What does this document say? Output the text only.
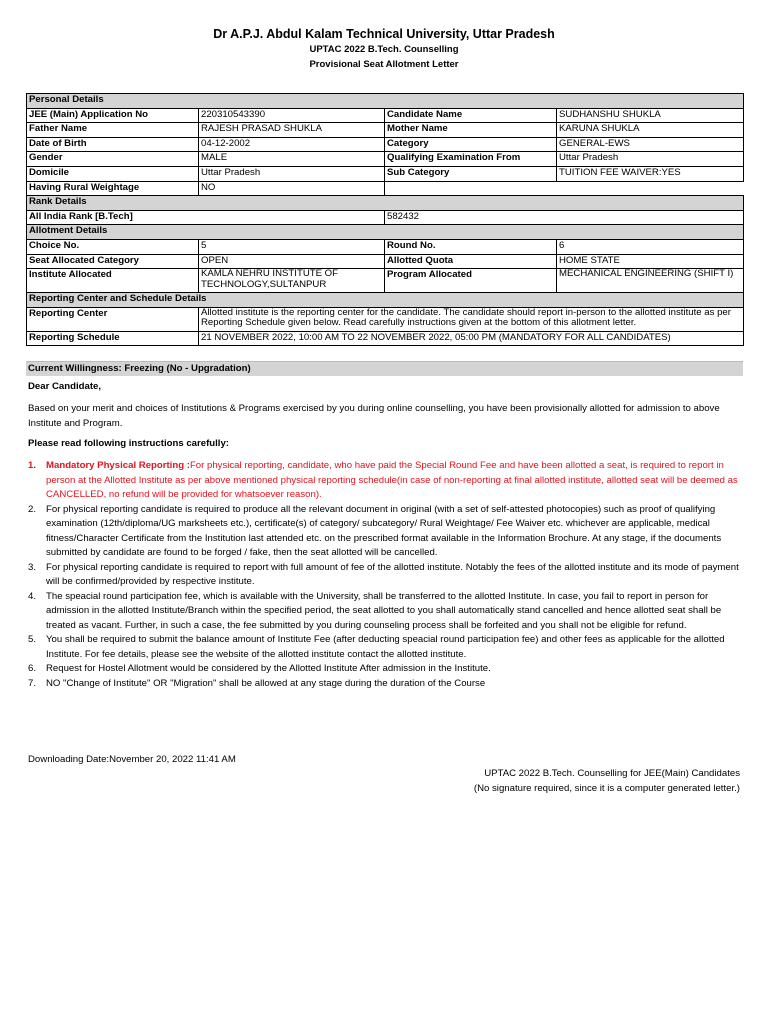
Dr A.P.J. Abdul Kalam Technical University, Uttar Pradesh
UPTAC 2022 B.Tech. Counselling
Provisional Seat Allotment Letter
Personal Details			
JEE (Main) Application No	220310543390	Candidate Name	SUDHANSHU SHUKLA
Father Name	RAJESH PRASAD SHUKLA	Mother Name	KARUNA SHUKLA
Date of Birth	04-12-2002	Category	GENERAL-EWS
Gender	MALE	Qualifying Examination From	Uttar Pradesh
Domicile	Uttar Pradesh	Sub Category	TUITION FEE WAIVER:YES
Having Rural Weightage	NO		
Rank Details			
All India Rank [B.Tech]		582432	
Allotment Details			
Choice No.	5	Round No.	6
Seat Allocated Category	OPEN	Allotted Quota	HOME STATE
Institute Allocated	KAMLA NEHRU INSTITUTE OF TECHNOLOGY,SULTANPUR	Program Allocated	MECHANICAL ENGINEERING (SHIFT I)
Reporting Center and Schedule Details			
Reporting Center	Allotted institute is the reporting center for the candidate. The candidate should report in-person to the allotted institute as per Reporting Schedule given below. Read carefully instructions given at the bottom of this allotment letter.		
Reporting Schedule	21 NOVEMBER 2022, 10:00 AM TO 22 NOVEMBER 2022, 05:00 PM (MANDATORY FOR ALL CANDIDATES)		
Current Willingness: Freezing (No - Upgradation)
Dear Candidate,
Based on your merit and choices of Institutions & Programs exercised by you during online counselling, you have been provisionally allotted for admission to above Institute and Program.
Please read following instructions carefully:
1. Mandatory Physical Reporting :For physical reporting, candidate, who have paid the Special Round Fee and have been allotted a seat, is required to report in person at the Allotted Institute as per above mentioned physical reporting schedule(in case of non-reporting at final allotted institute, allotted seat will be deemed as CANCELLED, no refund will be provided for whatsoever reason).
2. For physical reporting candidate is required to produce all the relevant document in original (with a set of self-attested photocopies) such as proof of qualifying examination (12th/diploma/UG marksheets etc.), certificate(s) of category/ subcategory/ Rural Weightage/ Fee Waiver etc. whichever are applicable, medical fitness/Character Certificate from the Institution last attended etc. on the prescribed format available in the Information Brochure. At any stage, if the documents submitted by candidate are found to be forged / fake, then the seat allotted will be cancelled.
3. For physical reporting candidate is required to report with full amount of fee of the allotted institute. Notably the fees of the allotted institute and its mode of payment will be confirmed/provided by respective institute.
4. The speacial round participation fee, which is available with the University, shall be transferred to the allotted Institute. In case, you fail to report in person for admission in the allotted Institute/Branch within the specified period, the seat allotted to you shall automatically stand cancelled and hence allotted seat shall be treated as vacant. Further, in such a case, the fee submitted by you during counseling process shall be forfeited and you shall not be eligible for refund.
5. You shall be required to submit the balance amount of Institute Fee (after deducting speacial round participation fee) and other fees as applicable for the allotted Institute. For fee details, please see the website of the allotted institute contact the allotted institute.
6. Request for Hostel Allotment would be considered by the Allotted Institute After admission in the Institute.
7. NO "Change of Institute" OR "Migration" shall be allowed at any stage during the duration of the Course
Downloading Date:November 20, 2022 11:41 AM
UPTAC 2022 B.Tech. Counselling for JEE(Main) Candidates
(No signature required, since it is a computer generated letter.)
